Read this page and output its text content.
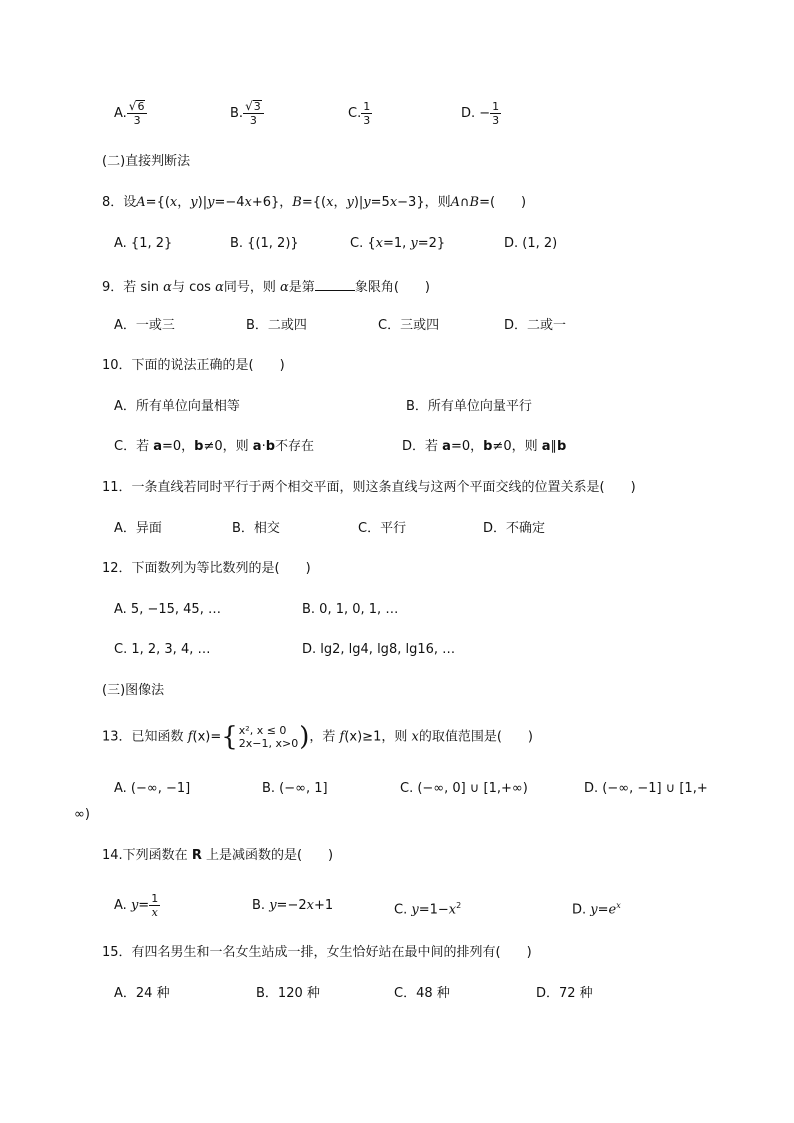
A. $\frac{√ 6}{3}$	B. $\frac{√ 3}{3}$	C. $\frac{1}{3}$	D. − $\frac{1}{3}$
(二)直接判断法
8．设A={(x，y)|y=−4x+6}，B={(x，y)|y=5x−3}，则A∩B=(　　)
A. {1, 2}	B. {(1, 2)}	C. {x=1, y=2}	D. (1, 2)
9．若 sin α与 cos α同号，则 α是第	象限角(　　)
A．一或三	B．二或四	C．三或四	D．二或一
10．下面的说法正确的是(　　)
A．所有单位向量相等	B．所有单位向量平行
C．若 a=0，b≠0，则 a·b不存在	D．若 a=0，b≠0，则 a∥b
11．一条直线若同时平行于两个相交平面，则这条直线与这两个平面交线的位置关系是(　　)
A．异面	B．相交	C．平行	D．不确定
12．下面数列为等比数列的是(　　)
A. 5, −15, 45, …	B. 0, 1, 0, 1, …
C. 1, 2, 3, 4, …	D. lg2, lg4, lg8, lg16, …
(三)图像法
13．已知函数 f(x)= { x², x ≤ 0
2x−1, x>0 ) ，若 f(x)≥1，则 x的取值范围是(　　)
A. (−∞, −1]	B. (−∞, 1]	C. (−∞, 0] ∪ [1,+∞)	D. (−∞, −1] ∪ [1,+
∞)
14.下列函数在 R 上是减函数的是(　　)
A. $y= \frac{1}{x}$	B. y=−2x+1	C. $y=1-x^2$	D. $y=e^x$
15．有四名男生和一名女生站成一排，女生恰好站在最中间的排列有(　　)
A．24 种	B．120 种	C．48 种	D．72 种
